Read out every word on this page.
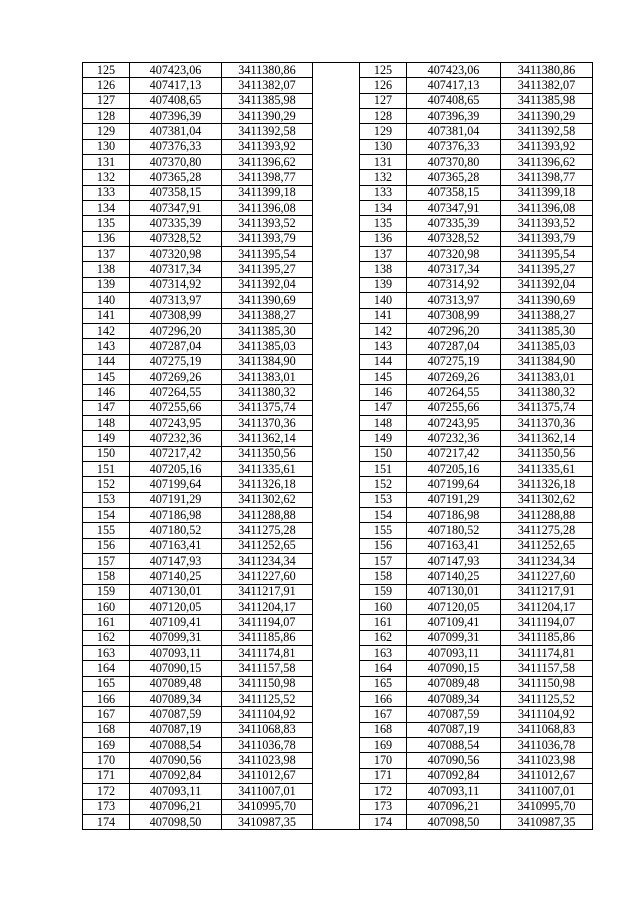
125	407423,06	3411380,86		125	407423,06	3411380,86
126	407417,13	3411382,07		126	407417,13	3411382,07
127	407408,65	3411385,98		127	407408,65	3411385,98
128	407396,39	3411390,29		128	407396,39	3411390,29
129	407381,04	3411392,58		129	407381,04	3411392,58
130	407376,33	3411393,92		130	407376,33	3411393,92
131	407370,80	3411396,62		131	407370,80	3411396,62
132	407365,28	3411398,77		132	407365,28	3411398,77
133	407358,15	3411399,18		133	407358,15	3411399,18
134	407347,91	3411396,08		134	407347,91	3411396,08
135	407335,39	3411393,52		135	407335,39	3411393,52
136	407328,52	3411393,79		136	407328,52	3411393,79
137	407320,98	3411395,54		137	407320,98	3411395,54
138	407317,34	3411395,27		138	407317,34	3411395,27
139	407314,92	3411392,04		139	407314,92	3411392,04
140	407313,97	3411390,69		140	407313,97	3411390,69
141	407308,99	3411388,27		141	407308,99	3411388,27
142	407296,20	3411385,30		142	407296,20	3411385,30
143	407287,04	3411385,03		143	407287,04	3411385,03
144	407275,19	3411384,90		144	407275,19	3411384,90
145	407269,26	3411383,01		145	407269,26	3411383,01
146	407264,55	3411380,32		146	407264,55	3411380,32
147	407255,66	3411375,74		147	407255,66	3411375,74
148	407243,95	3411370,36		148	407243,95	3411370,36
149	407232,36	3411362,14		149	407232,36	3411362,14
150	407217,42	3411350,56		150	407217,42	3411350,56
151	407205,16	3411335,61		151	407205,16	3411335,61
152	407199,64	3411326,18		152	407199,64	3411326,18
153	407191,29	3411302,62		153	407191,29	3411302,62
154	407186,98	3411288,88		154	407186,98	3411288,88
155	407180,52	3411275,28		155	407180,52	3411275,28
156	407163,41	3411252,65		156	407163,41	3411252,65
157	407147,93	3411234,34		157	407147,93	3411234,34
158	407140,25	3411227,60		158	407140,25	3411227,60
159	407130,01	3411217,91		159	407130,01	3411217,91
160	407120,05	3411204,17		160	407120,05	3411204,17
161	407109,41	3411194,07		161	407109,41	3411194,07
162	407099,31	3411185,86		162	407099,31	3411185,86
163	407093,11	3411174,81		163	407093,11	3411174,81
164	407090,15	3411157,58		164	407090,15	3411157,58
165	407089,48	3411150,98		165	407089,48	3411150,98
166	407089,34	3411125,52		166	407089,34	3411125,52
167	407087,59	3411104,92		167	407087,59	3411104,92
168	407087,19	3411068,83		168	407087,19	3411068,83
169	407088,54	3411036,78		169	407088,54	3411036,78
170	407090,56	3411023,98		170	407090,56	3411023,98
171	407092,84	3411012,67		171	407092,84	3411012,67
172	407093,11	3411007,01		172	407093,11	3411007,01
173	407096,21	3410995,70		173	407096,21	3410995,70
174	407098,50	3410987,35		174	407098,50	3410987,35
